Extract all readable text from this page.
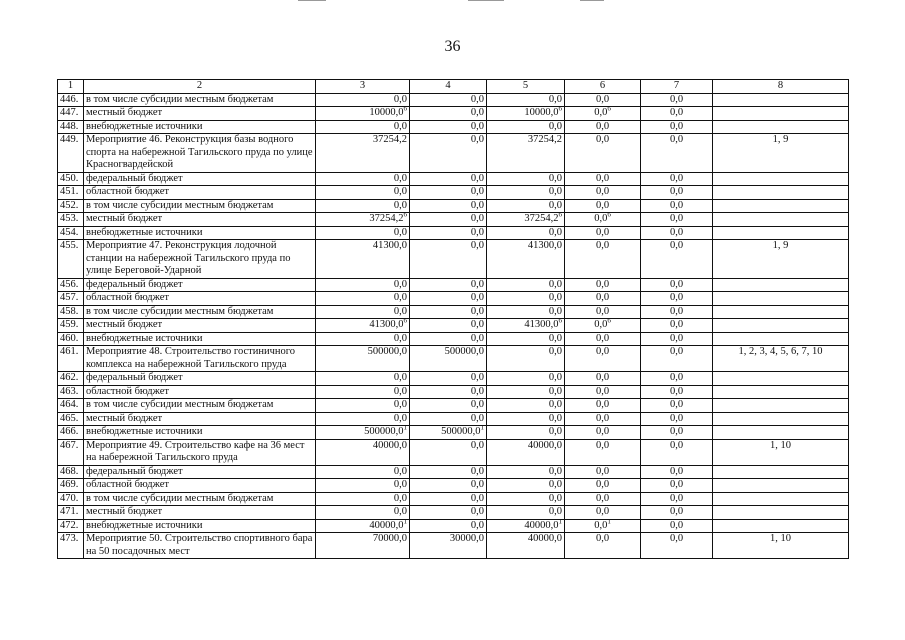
36
1	2	3	4	5	6	7	8
446.	в том числе субсидии местным бюджетам	0,0	0,0	0,0	0,0	0,0	
447.	местный бюджет	10000,0$^6$	0,0	10000,0$^6$	$0,0^6$	0,0	
448.	внебюджетные источники	0,0	0,0	0,0	0,0	0,0	
449.	Мероприятие 46. Реконструкция базы водного спорта на набережной Тагильского пруда по улице Красногвардейской	37254,2	0,0	37254,2	0,0	0,0	1, 9
450.	федеральный бюджет	0,0	0,0	0,0	0,0	0,0	
451.	областной бюджет	0,0	0,0	0,0	0,0	0,0	
452.	в том числе субсидии местным бюджетам	0,0	0,0	0,0	0,0	0,0	
453.	местный бюджет	37254,2$^6$	0,0	37254,2$^6$	$0,0^6$	0,0	
454.	внебюджетные источники	0,0	0,0	0,0	0,0	0,0	
455.	Мероприятие 47. Реконструкция лодочной станции на набережной Тагильского пруда по улице Береговой-Ударной	41300,0	0,0	41300,0	0,0	0,0	1, 9
456.	федеральный бюджет	0,0	0,0	0,0	0,0	0,0	
457.	областной бюджет	0,0	0,0	0,0	0,0	0,0	
458.	в том числе субсидии местным бюджетам	0,0	0,0	0,0	0,0	0,0	
459.	местный бюджет	41300,0$^6$	0,0	41300,0$^6$	$0,0^6$	0,0	
460.	внебюджетные источники	0,0	0,0	0,0	0,0	0,0	
461.	Мероприятие 48. Строительство гостиничного комплекса на набережной Тагильского пруда	500000,0	500000,0	0,0	0,0	0,0	1, 2, 3, 4, 5, 6, 7, 10
462.	федеральный бюджет	0,0	0,0	0,0	0,0	0,0	
463.	областной бюджет	0,0	0,0	0,0	0,0	0,0	
464.	в том числе субсидии местным бюджетам	0,0	0,0	0,0	0,0	0,0	
465.	местный бюджет	0,0	0,0	0,0	0,0	0,0	
466.	внебюджетные источники	500000,0$^1$	500000,0$^1$	0,0	0,0	0,0	
467.	Мероприятие 49. Строительство кафе на 36 мест на набережной Тагильского пруда	40000,0	0,0	40000,0	0,0	0,0	1, 10
468.	федеральный бюджет	0,0	0,0	0,0	0,0	0,0	
469.	областной бюджет	0,0	0,0	0,0	0,0	0,0	
470.	в том числе субсидии местным бюджетам	0,0	0,0	0,0	0,0	0,0	
471.	местный бюджет	0,0	0,0	0,0	0,0	0,0	
472.	внебюджетные источники	40000,0$^1$	0,0	40000,0$^1$	$0,0^1$	0,0	
473.	Мероприятие 50. Строительство спортивного бара на 50 посадочных мест	70000,0	30000,0	40000,0	0,0	0,0	1, 10
